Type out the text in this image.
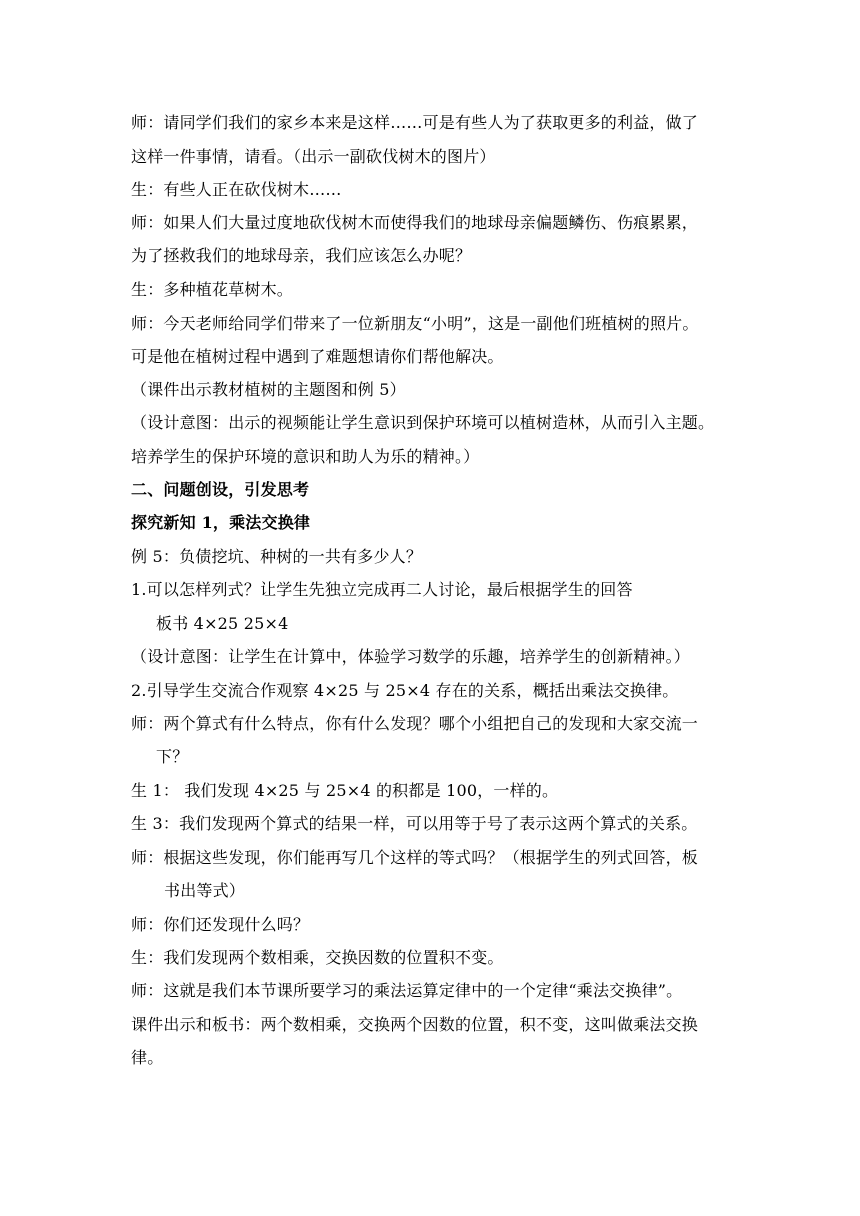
师：请同学们我们的家乡本来是这样……可是有些人为了获取更多的利益，做了
这样一件事情，请看。（出示一副砍伐树木的图片）
生：有些人正在砍伐树木……
师：如果人们大量过度地砍伐树木而使得我们的地球母亲偏题鳞伤、伤痕累累，
为了拯救我们的地球母亲，我们应该怎么办呢？
生：多种植花草树木。
师：今天老师给同学们带来了一位新朋友“小明”，这是一副他们班植树的照片。
可是他在植树过程中遇到了难题想请你们帮他解决。
（课件出示教材植树的主题图和例 5）
（设计意图：出示的视频能让学生意识到保护环境可以植树造林，从而引入主题。
培养学生的保护环境的意识和助人为乐的精神。）
二、问题创设，引发思考
探究新知 1，乘法交换律
例 5：负债挖坑、种树的一共有多少人？
1.可以怎样列式？让学生先独立完成再二人讨论，最后根据学生的回答
板书 4×25 25×4
（设计意图：让学生在计算中，体验学习数学的乐趣，培养学生的创新精神。）
2.引导学生交流合作观察 4×25 与 25×4 存在的关系，概括出乘法交换律。
师：两个算式有什么特点，你有什么发现？哪个小组把自己的发现和大家交流一
下？
生 1： 我们发现 4×25 与 25×4 的积都是 100，一样的。
生 3：我们发现两个算式的结果一样，可以用等于号了表示这两个算式的关系。
师：根据这些发现，你们能再写几个这样的等式吗？（根据学生的列式回答，板
书出等式）
师：你们还发现什么吗？
生：我们发现两个数相乘，交换因数的位置积不变。
师：这就是我们本节课所要学习的乘法运算定律中的一个定律“乘法交换律”。
课件出示和板书：两个数相乘，交换两个因数的位置，积不变，这叫做乘法交换
律。
